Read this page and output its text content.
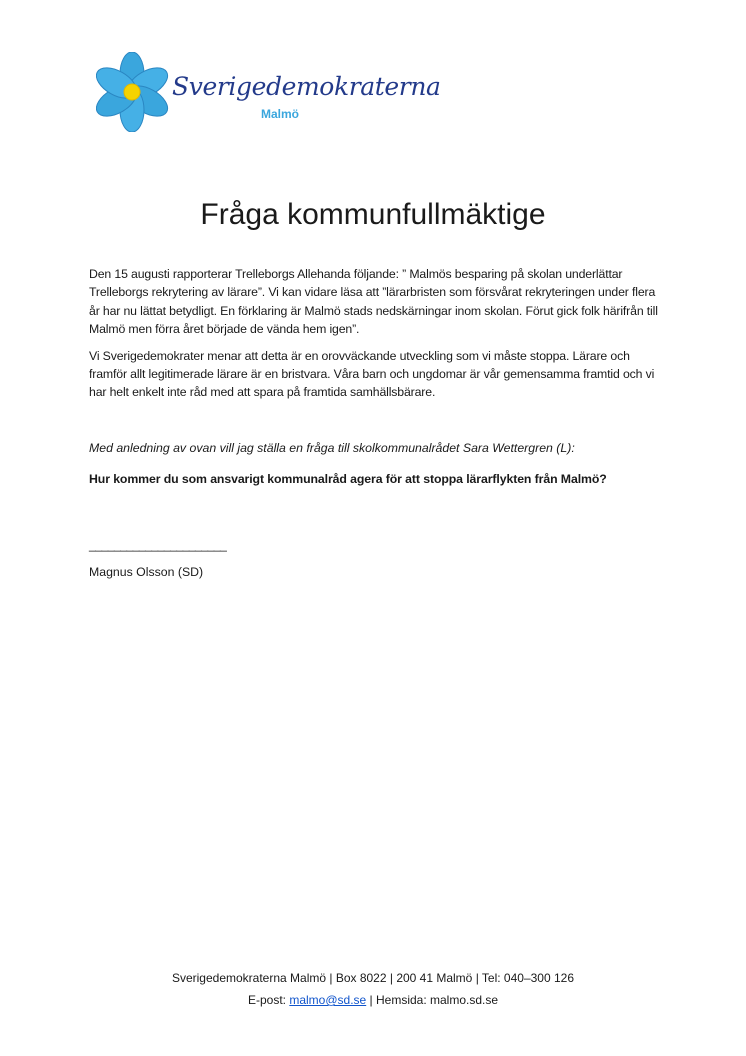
Sverigedemokraterna
Malmö
Fråga kommunfullmäktige

Den 15 augusti rapporterar Trelleborgs Allehanda följande: ” Malmös besparing på skolan underlättar Trelleborgs rekrytering av lärare”. Vi kan vidare läsa att ”lärarbristen som försvårat rekryteringen under flera år har nu lättat betydligt. En förklaring är Malmö stads nedskärningar inom skolan. Förut gick folk härifrån till Malmö men förra året började de vända hem igen”.

Vi Sverigedemokrater menar att detta är en orovväckande utveckling som vi måste stoppa. Lärare och framför allt legitimerade lärare är en bristvara. Våra barn och ungdomar är vår gemensamma framtid och vi har helt enkelt inte råd med att spara på framtida samhällsbärare.

Med anledning av ovan vill jag ställa en fråga till skolkommunalrådet Sara Wettergren (L):
Hur kommer du som ansvarigt kommunalråd agera för att stoppa lärarflykten från Malmö?
______________________
Magnus Olsson (SD)
Sverigedemokraterna Malmö | Box 8022 | 200 41 Malmö | Tel: 040–300 126
E-post: malmo@sd.se | Hemsida: malmo.sd.se
